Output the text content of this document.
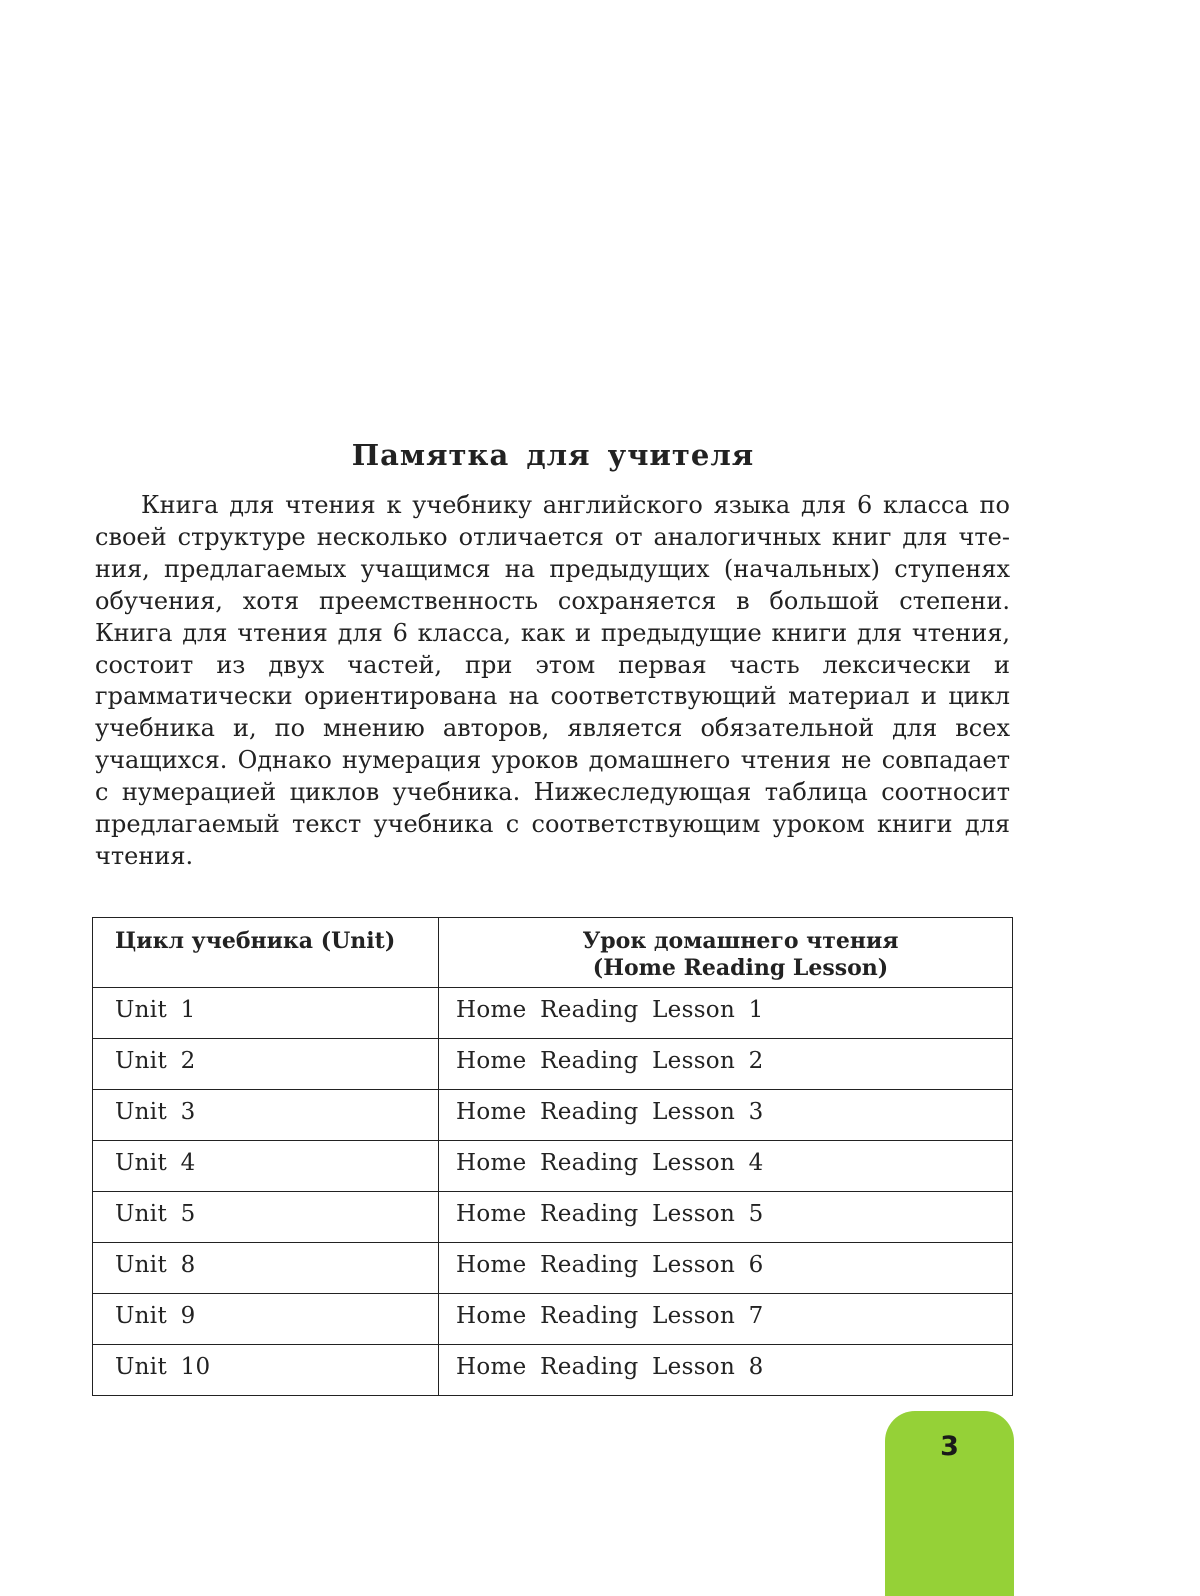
Памятка для учителя

Книга для чтения к учебнику английского языка для 6 класса по своей структуре несколько отличается от аналогичных книг для чтения, предлагаемых учащимся на предыдущих (начальных) ступенях обучения, хотя преемственность сохраняется в большой степени. Книга для чтения для 6 класса, как и предыдущие книги для чтения, состоит из двух частей, при этом первая часть лексически и грамматически ориентирована на соответствующий материал и цикл учебника и, по мнению авторов, является обязательной для всех учащихся. Однако нумерация уроков домашнего чтения не совпадает с нумерацией циклов учебника. Нижеследующая таблица соотносит предлагаемый текст учебника с соответствующим уроком книги для чтения.

Цикл учебника (Unit)	Урок домашнего чтения
(Home Reading Lesson)

Unit 1	Home Reading Lesson 1
Unit 2	Home Reading Lesson 2
Unit 3	Home Reading Lesson 3
Unit 4	Home Reading Lesson 4
Unit 5	Home Reading Lesson 5
Unit 8	Home Reading Lesson 6
Unit 9	Home Reading Lesson 7
Unit 10	Home Reading Lesson 8
3
